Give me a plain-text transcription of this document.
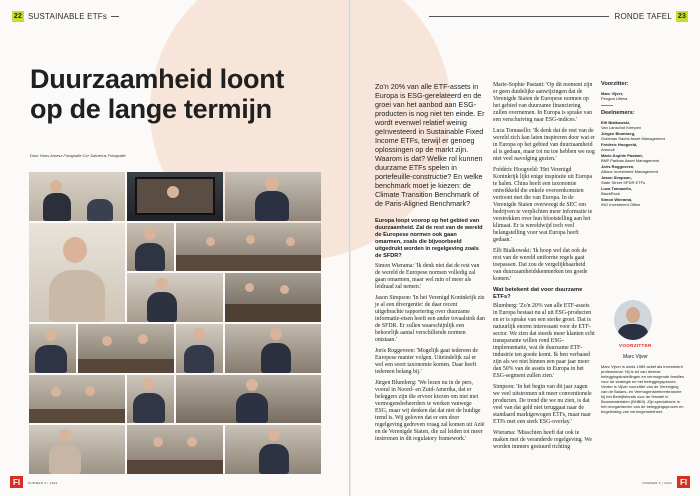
22 SUSTAINABLE ETFs
Duurzaamheid loont
op de lange termijn
Door Hans Amesz Fotografie Cor Salverius Fotografie
FI	NUMMER 5 | 2022
RONDE TAFEL 23
Zo'n 20% van alle ETF-assets in Europa is ESG-gerelateerd en de groei van het aanbod aan ESG-producten is nog niet ten einde. Er wordt evenwel relatief weinig geïnvesteerd in Sustainable Fixed Income ETFs, terwijl er genoeg oplossingen op de markt zijn. Waarom is dat? Welke rol kunnen duurzame ETFs spelen in portefeuille-constructie? En welke benchmark moet je kiezen: de Climate Transition Benchmark of de Paris-Aligned Benchmark?
Europa loopt voorop op het gebied van duurzaamheid. Zal de rest van de wereld de Europese normen ook gaan omarmen, zoals die bijvoorbeeld uitgedrukt worden in regelgeving zoals de SFDR?

Simon Wierama: 'Ik denk niet dat de rest van de wereld de Europese normen volledig zal gaan omarmen, maar wel min of meer als leidraad zal nemen.'

Jason Simpson: 'In het Verenigd Koninkrijk zie je al een divergentie: de daar recent uitgebrachte rapportering over duurzame informatie-eisen heeft een ander tovaalstok dan de SFDR. Er zullen waarschijnlijk een behoorlijk aantal verschillende normen ontstaan.'

Joris Roggeveen: 'Mogelijk gaat iedereen de Europese manier volgen. Uiteindelijk zal er wel een soort taxonomie komen. Daar heeft iedereen belang bij.'

Jürgen Blumberg: 'We lezen nu in de pers, vooral in Noord- en Zuid-Amerika, dat er beleggers zijn die ervoor kiezen om niet met vermogensbeheerders te werken vanwege ESG, maar wij denken dat dat niet de huidige trend is. Wij geloven dat er een door regelgeving gedreven vraag zal komen uit Azië en de Verenigde Staten, die zal leiden tot meer instromen in dit regulatory framework.'

Marie-Sophie Pastant: 'Op dit moment zijn er geen duidelijke aanwijzingen dat de Verenigde Staten de Europese normen op het gebied van duurzame financiering zullen overnemen. In Europa is sprake van een verschuiving naar ESG-indices.'

Luca Tomasello: 'Ik denk dat de rest van de wereld zich kan laten inspireren door wat er in Europa op het gebied van duurzaamheid al is gedaan, maar tot nu toe hebben we nog niet veel navolging gezien.'

Frédéric Hoogveld: 'Het Verenigd Koninkrijk lijkt enige inspiratie uit Europa te halen. China heeft een taxonomie ontwikkeld die enkele overeenkomsten vertoont met die van Europa. In de Verenigde Staten overweegt de SEC om bedrijven te verplichten meer informatie te verstrekken over hun blootstelling aan het klimaat. Er is wereldwijd toch veel belangstelling voor wat Europa heeft gedaan.'

Elfi Bialkowski: 'Ik hoop wel dat ook de rest van de wereld uniforme regels gaat toepassen. Dat zou de vergelijkbaarheid van duurzaamheidskenmerken ten goede komen.'

Wat betekent dat voor duurzame ETFs?

Blumberg: 'Zo'n 20% van alle ETF-assets in Europa bestaat nu al uit ESG-producten en er is sprake van een sterke groei. Dat is natuurlijk enorm interessant voor de ETF-sector. We zien dat steeds meer klanten echt transparante willen rond ESG-implementatie, wat de duurzame ETF-industrie ten goede komt. Ik ben verbaasd zijn als we niet binnen een paar jaar meer dan 50% van de assets in Europa in het ESG-segment zullen zien.'

Simpson: 'In het begin van dit jaar zagen we veel uitstromen uit meer conventionele producten. De trend die we nu zien, is dat veel van dat geld niet teruggaat naar de standaard marktgewogen ETFs, maar naar ETFs met een sterk ESG-overlay.'

Wierama: 'Misschien heeft dat ook te maken met de veranderde regelgeving. We worden immers gestuurd richting

Voorzitter:
Marc Vijver,
Pengea Ultima
Deelnemers:
Elfi Bialkowski,
Van Lanschot Kempen
Jürgen Blumberg,
Goldman Sachs Asset Management
Frédéric Hoogveld,
Amundi
Marie-Sophie Pastant,
BNP Paribas Asset Management
Joris Roggeveen,
Allianz Investment Management
Jason Simpson,
State Street SPDR ETFs
Luca Tomasello,
BlackRock
Simon Wierama,
ING Investment Office
VOORZITTER
Marc Vijver
Marc Vijver is sinds 1989 actief als investment professional. Hij is tot van diverse beleggingsinstellingen en vermogende families voor de strategie en het beleggingsproces. Verder is Vijver voorzitter van de Vereniging van de Balans- en Vermogensbeheerbranche bij het Bedrijfsfonds voor de Handel in Bouwmaterialen (BHBM). Zijn specialisme is het reorganiseren van de beleggingsproces en begeleiding van vermogensbeheer.
NUMMER 5 | 2022 FI
